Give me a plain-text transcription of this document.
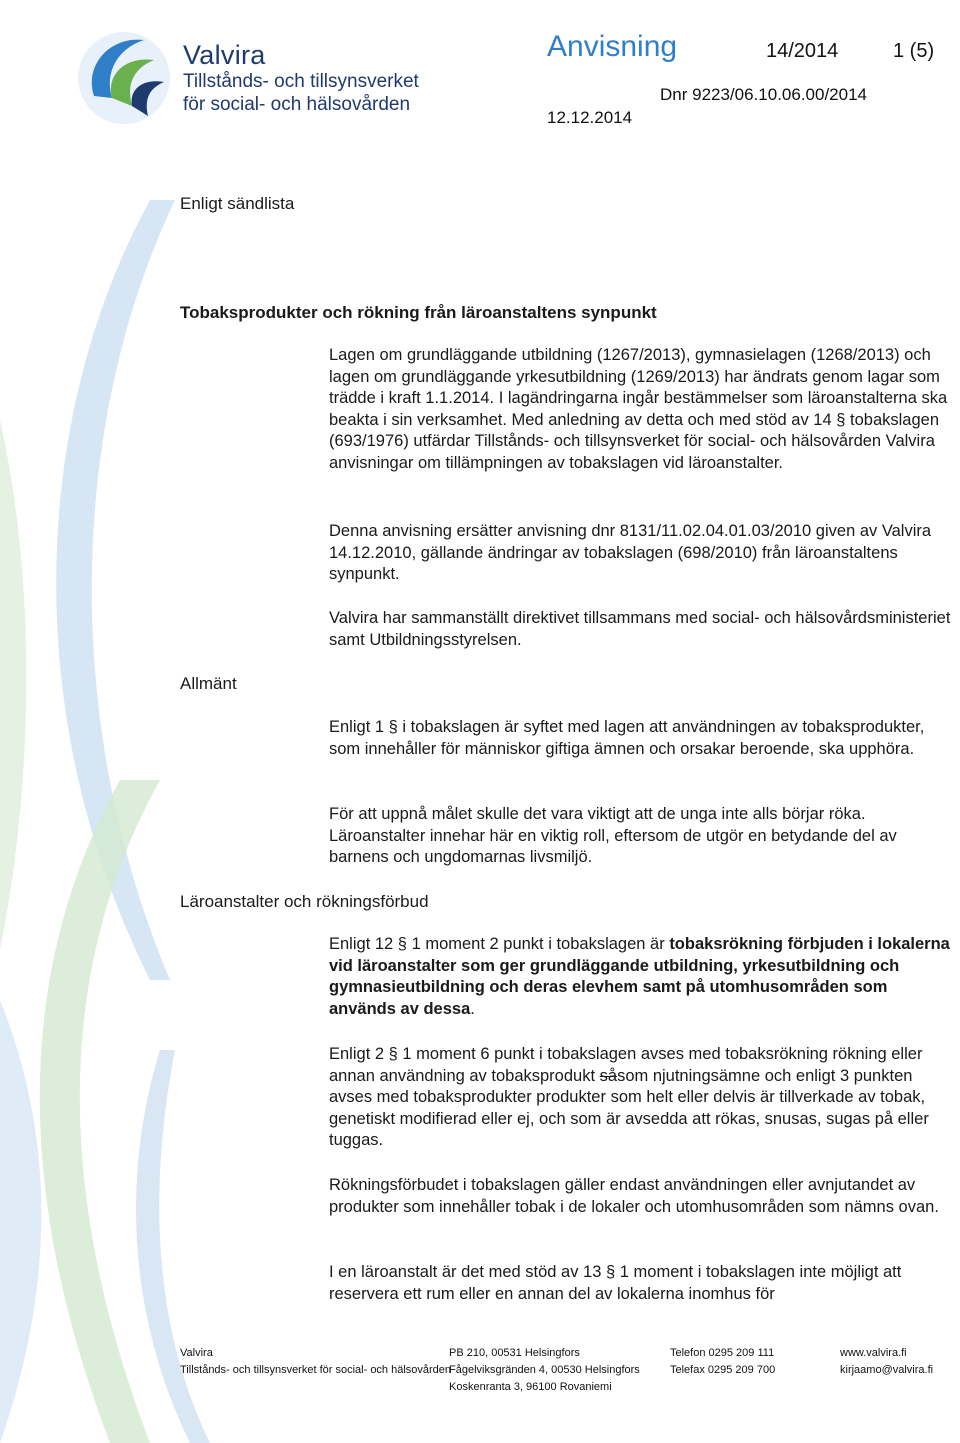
Valvira
Tillstånds- och tillsynsverket
för social- och hälsovården
Anvisning	14/2014	1 (5)
Dnr 9223/06.10.06.00/2014
12.12.2014
Enligt sändlista
Tobaksprodukter och rökning från läroanstaltens synpunkt

Lagen om grundläggande utbildning (1267/2013), gymnasielagen (1268/2013) och lagen om grundläggande yrkesutbildning (1269/2013) har ändrats genom lagar som trädde i kraft 1.1.2014. I lagändringarna ingår bestämmelser som läroanstalterna ska beakta i sin verksamhet. Med anledning av detta och med stöd av 14 § tobakslagen (693/1976) utfärdar Tillstånds- och tillsynsverket för social- och hälsovården Valvira anvisningar om tillämpningen av tobakslagen vid läroanstalter.

Denna anvisning ersätter anvisning dnr 8131/11.02.04.01.03/2010 given av Valvira 14.12.2010, gällande ändringar av tobakslagen (698/2010) från läroanstaltens synpunkt.

Valvira har sammanställt direktivet tillsammans med social- och hälsovårdsministeriet samt Utbildningsstyrelsen.

Allmänt

Enligt 1 § i tobakslagen är syftet med lagen att användningen av tobaksprodukter, som innehåller för människor giftiga ämnen och orsakar beroende, ska upphöra.

För att uppnå målet skulle det vara viktigt att de unga inte alls börjar röka. Läroanstalter innehar här en viktig roll, eftersom de utgör en betydande del av barnens och ungdomarnas livsmiljö.

Läroanstalter och rökningsförbud

Enligt 12 § 1 moment 2 punkt i tobakslagen är tobaksrökning förbjuden i lokalerna vid läroanstalter som ger grundläggande utbildning, yrkesutbildning och gymnasieutbildning och deras elevhem samt på utomhusområden som används av dessa.

Enligt 2 § 1 moment 6 punkt i tobakslagen avses med tobaksrökning rökning eller annan användning av tobaksprodukt såsom njutningsämne och enligt 3 punkten avses med tobaksprodukter produkter som helt eller delvis är tillverkade av tobak, genetiskt modifierad eller ej, och som är avsedda att rökas, snusas, sugas på eller tuggas.

Rökningsförbudet i tobakslagen gäller endast användningen eller avnjutandet av produkter som innehåller tobak i de lokaler och utomhusområden som nämns ovan.

I en läroanstalt är det med stöd av 13 § 1 moment i tobakslagen inte möjligt att reservera ett rum eller en annan del av lokalerna inomhus för

Valvira
Tillstånds- och tillsynsverket för social- och hälsovården
PB 210, 00531 Helsingfors
Fågelviksgränden 4, 00530 Helsingfors
Koskenranta 3, 96100 Rovaniemi
Telefon 0295 209 111
Telefax 0295 209 700
www.valvira.fi
kirjaamo@valvira.fi
